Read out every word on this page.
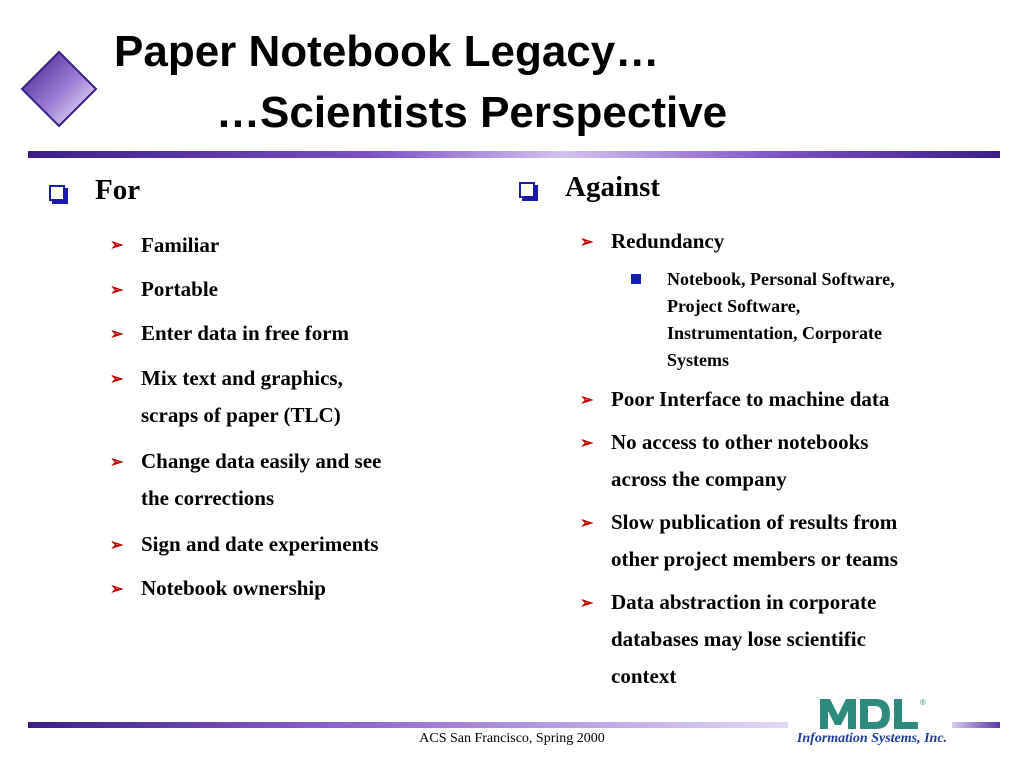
Paper Notebook Legacy…
…Scientists Perspective
For
➢ Familiar
➢ Portable
➢ Enter data in free form
➢ Mix text and graphics,
scraps of paper (TLC)
➢ Change data easily and see
the corrections
➢ Sign and date experiments
➢ Notebook ownership
Against
➢ Redundancy
Notebook, Personal Software,
Project Software,
Instrumentation, Corporate
Systems
➢ Poor Interface to machine data
➢ No access to other notebooks
across the company
➢ Slow publication of results from
other project members or teams
➢ Data abstraction in corporate
databases may lose scientific
context
ACS San Francisco, Spring 2000
®
Information Systems, Inc.
